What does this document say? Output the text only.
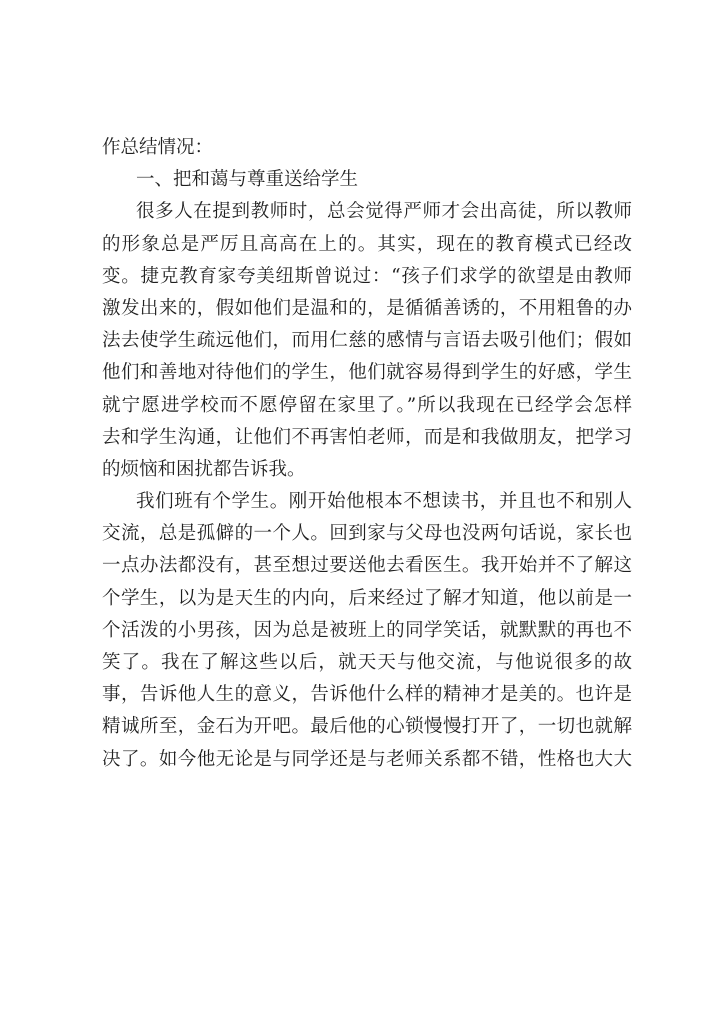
作总结情况：
一、把和蔼与尊重送给学生
很多人在提到教师时，总会觉得严师才会出高徒，所以教师
的形象总是严厉且高高在上的。其实，现在的教育模式已经改
变。捷克教育家夸美纽斯曾说过：“孩子们求学的欲望是由教师
激发出来的，假如他们是温和的，是循循善诱的，不用粗鲁的办
法去使学生疏远他们，而用仁慈的感情与言语去吸引他们；假如
他们和善地对待他们的学生，他们就容易得到学生的好感，学生
就宁愿进学校而不愿停留在家里了。”所以我现在已经学会怎样
去和学生沟通，让他们不再害怕老师，而是和我做朋友，把学习
的烦恼和困扰都告诉我。
我们班有个学生。刚开始他根本不想读书，并且也不和别人
交流，总是孤僻的一个人。回到家与父母也没两句话说，家长也
一点办法都没有，甚至想过要送他去看医生。我开始并不了解这
个学生，以为是天生的内向，后来经过了解才知道，他以前是一
个活泼的小男孩，因为总是被班上的同学笑话，就默默的再也不
笑了。我在了解这些以后，就天天与他交流，与他说很多的故
事，告诉他人生的意义，告诉他什么样的精神才是美的。也许是
精诚所至，金石为开吧。最后他的心锁慢慢打开了，一切也就解
决了。如今他无论是与同学还是与老师关系都不错，性格也大大
